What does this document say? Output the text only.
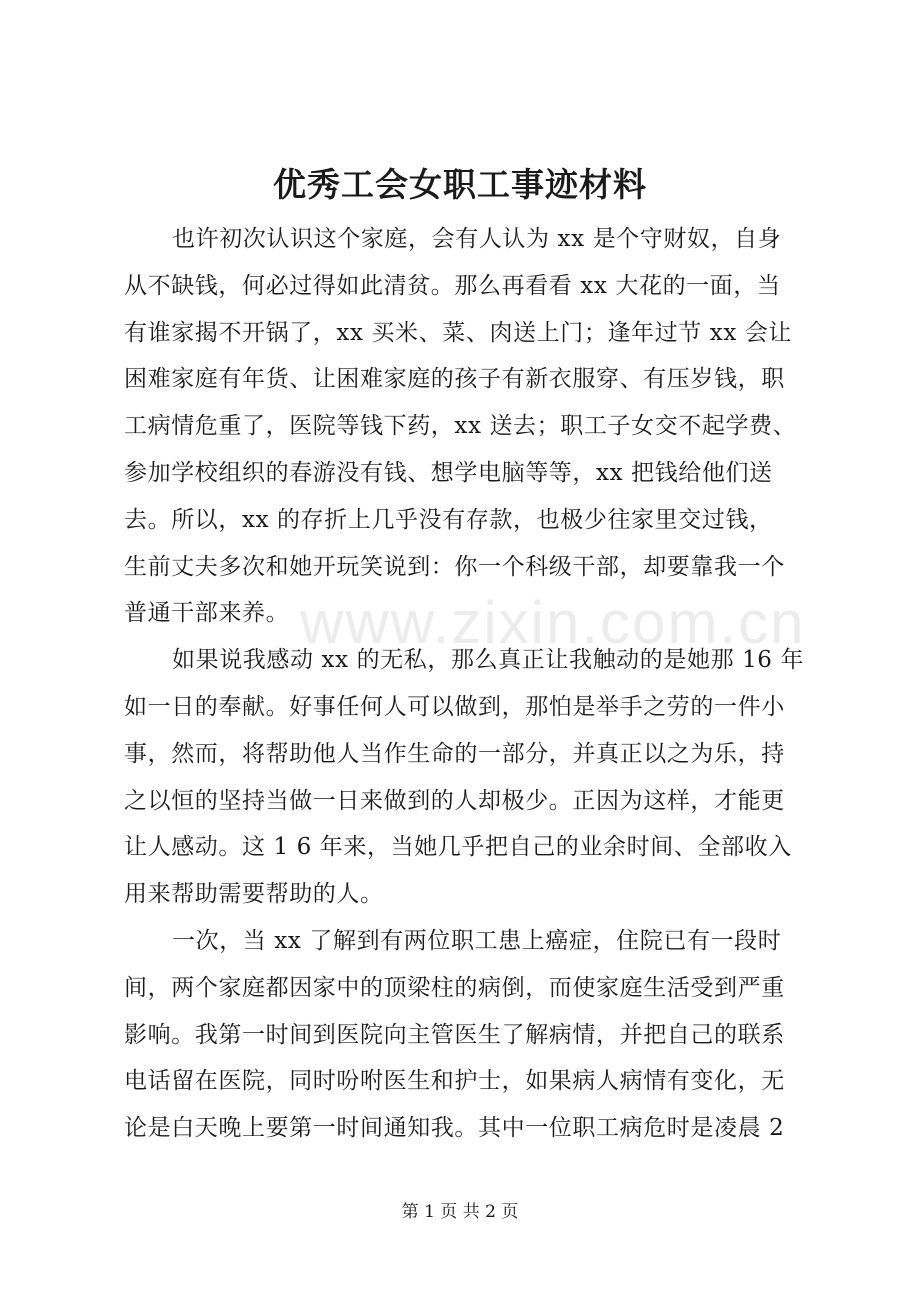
优秀工会女职工事迹材料
也许初次认识这个家庭，会有人认为 xx 是个守财奴，自身
从不缺钱，何必过得如此清贫。那么再看看 xx 大花的一面，当
有谁家揭不开锅了，xx 买米、菜、肉送上门；逢年过节 xx 会让
困难家庭有年货、让困难家庭的孩子有新衣服穿、有压岁钱，职
工病情危重了，医院等钱下药，xx 送去；职工子女交不起学费、
参加学校组织的春游没有钱、想学电脑等等，xx 把钱给他们送
去。所以，xx 的存折上几乎没有存款，也极少往家里交过钱，
生前丈夫多次和她开玩笑说到：你一个科级干部，却要靠我一个
普通干部来养。
如果说我感动 xx 的无私，那么真正让我触动的是她那 16 年
如一日的奉献。好事任何人可以做到，那怕是举手之劳的一件小
事，然而，将帮助他人当作生命的一部分，并真正以之为乐，持
之以恒的坚持当做一日来做到的人却极少。正因为这样，才能更
让人感动。这 1 6 年来，当她几乎把自己的业余时间、全部收入
用来帮助需要帮助的人。
一次，当 xx 了解到有两位职工患上癌症，住院已有一段时
间，两个家庭都因家中的顶梁柱的病倒，而使家庭生活受到严重
影响。我第一时间到医院向主管医生了解病情，并把自己的联系
电话留在医院，同时吩咐医生和护士，如果病人病情有变化，无
论是白天晚上要第一时间通知我。其中一位职工病危时是凌晨 2
www.zixin.com.cn
第 1 页 共 2 页
